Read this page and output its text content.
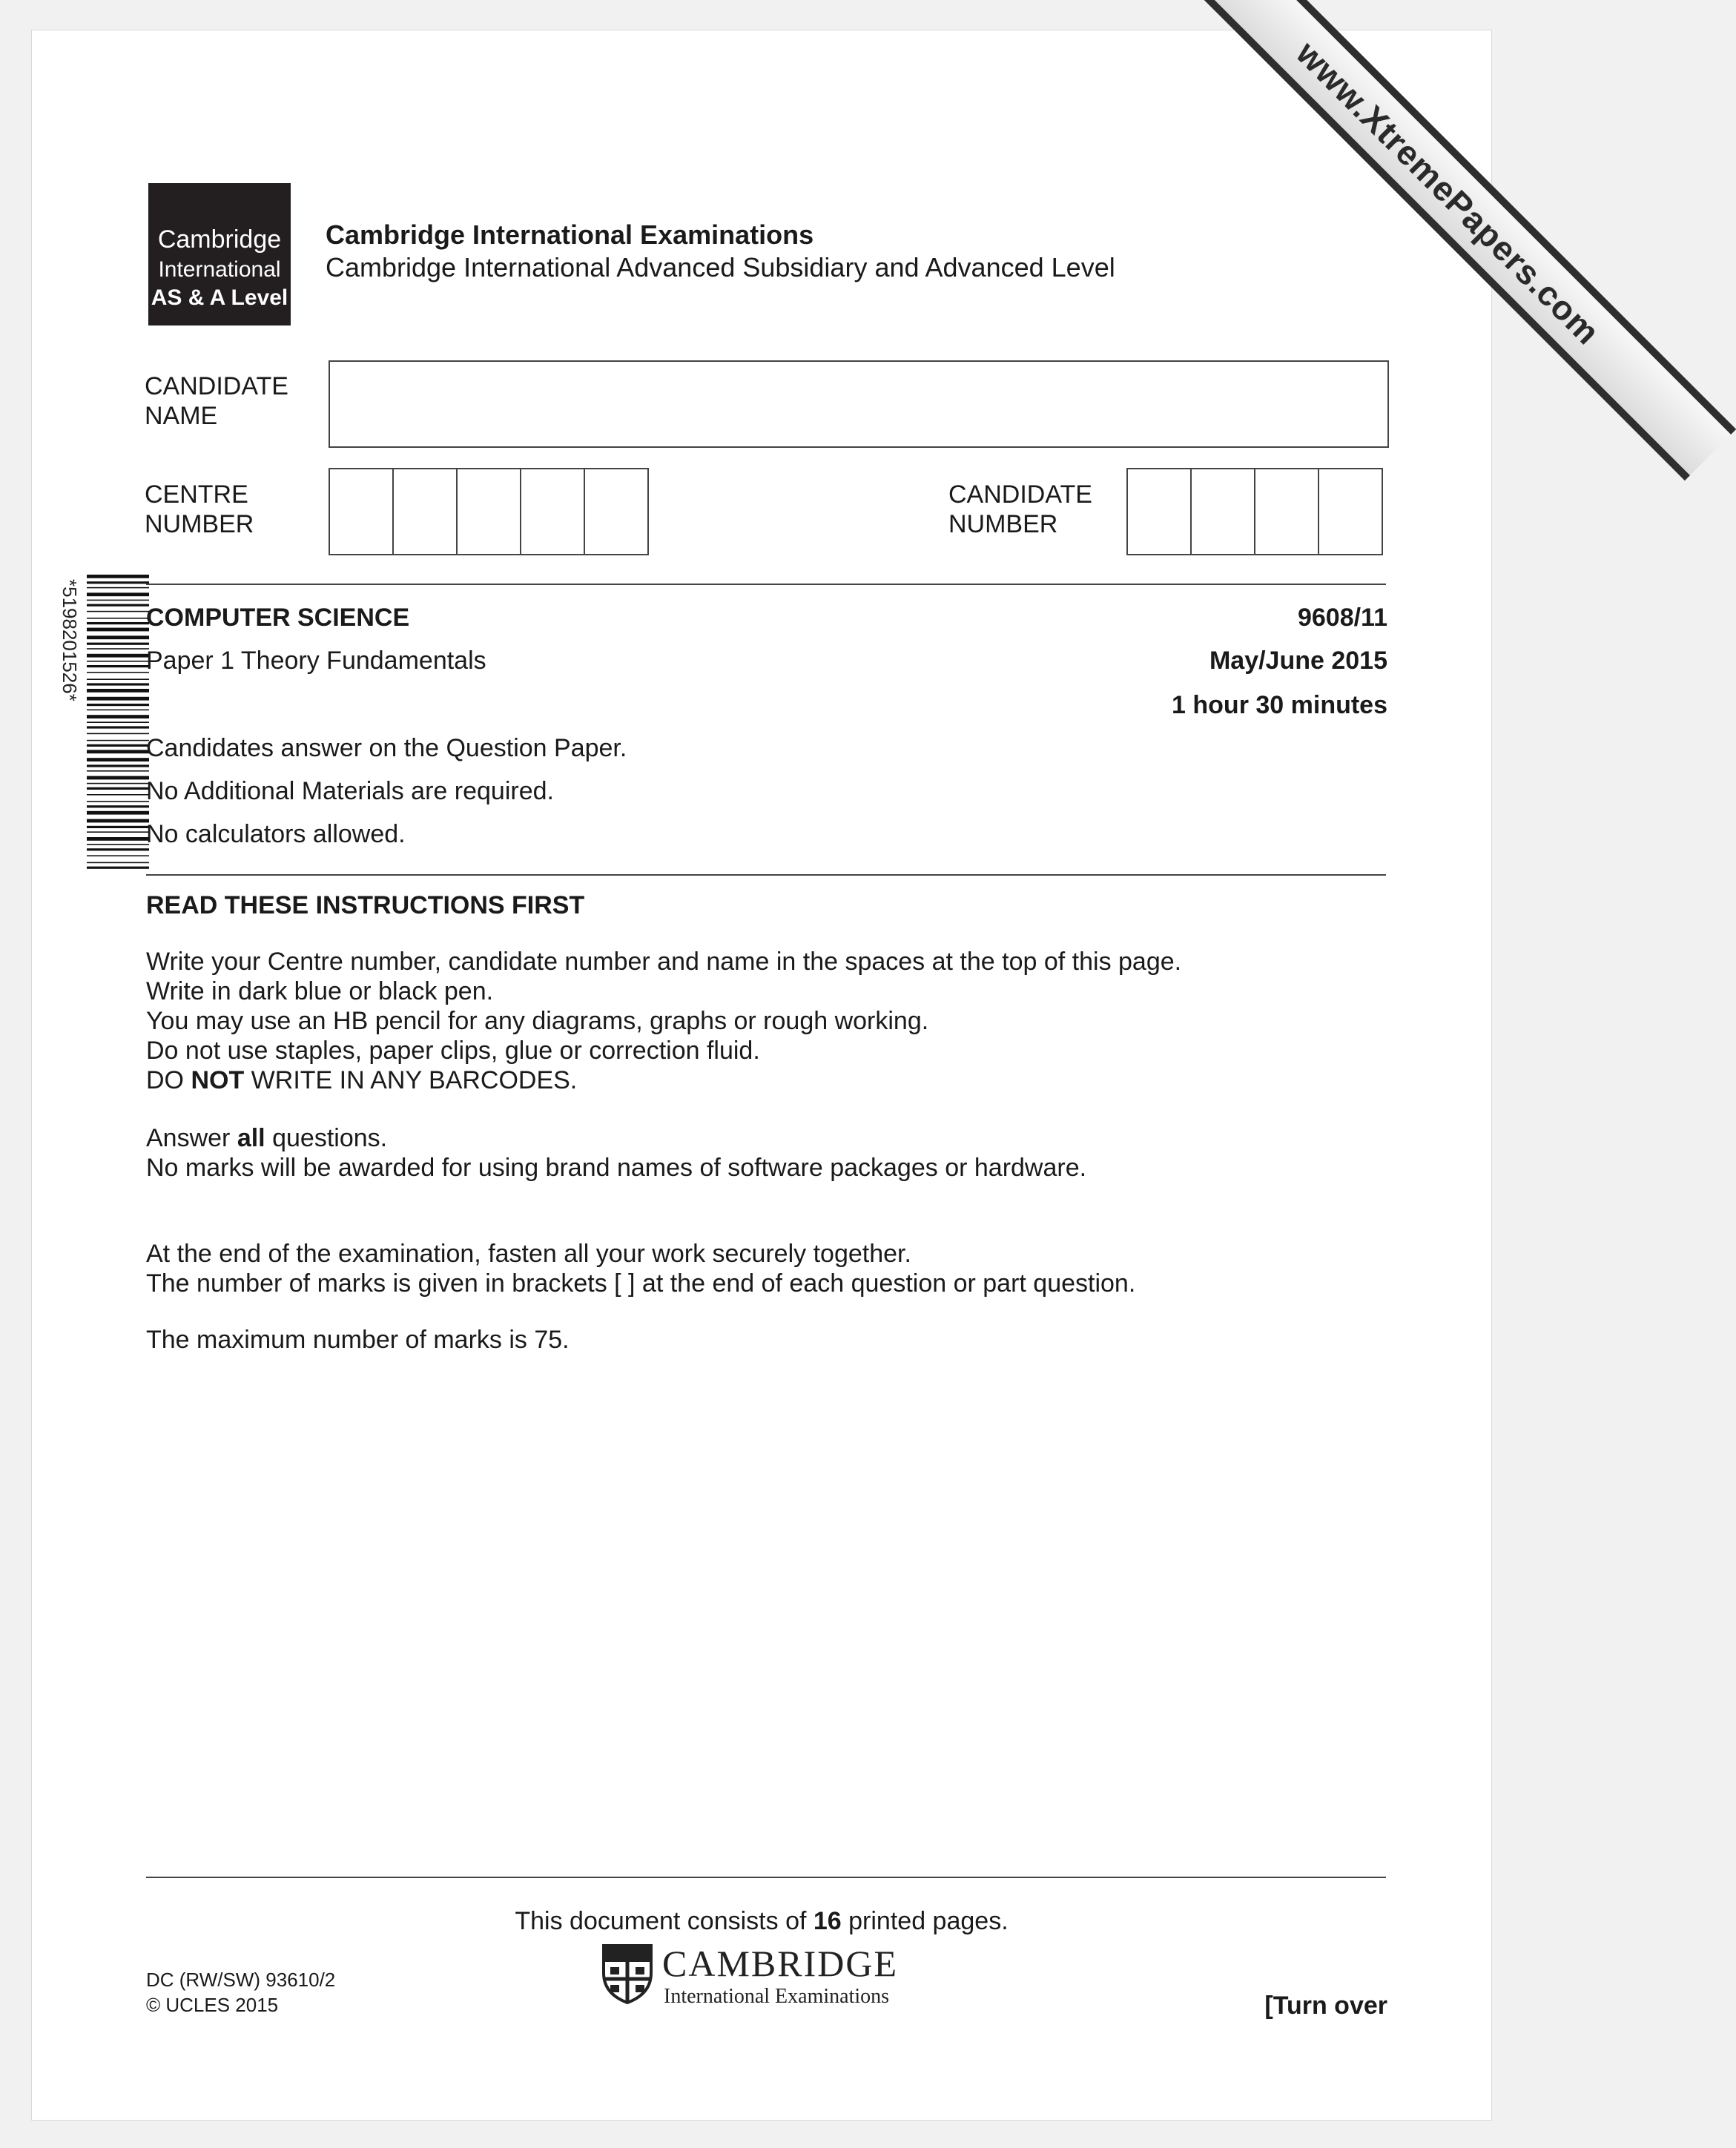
Cambridge
International
AS & A Level
Cambridge International Examinations
Cambridge International Advanced Subsidiary and Advanced Level
CANDIDATE
NAME
CENTRE
NUMBER
CANDIDATE
NUMBER
*5198201526*	COMPUTER SCIENCE	9608/11
Paper 1 Theory Fundamentals	May/June 2015
1 hour 30 minutes
Candidates answer on the Question Paper.
No Additional Materials are required.
No calculators allowed.
READ THESE INSTRUCTIONS FIRST

Write your Centre number, candidate number and name in the spaces at the top of this page.

Write in dark blue or black pen.

You may use an HB pencil for any diagrams, graphs or rough working.

Do not use staples, paper clips, glue or correction fluid.

DO NOT WRITE IN ANY BARCODES.

Answer all questions.

No marks will be awarded for using brand names of software packages or hardware.

At the end of the examination, fasten all your work securely together.

The number of marks is given in brackets [ ] at the end of each question or part question.

The maximum number of marks is 75.
This document consists of 16 printed pages.
DC (RW/SW) 93610/2
© UCLES 2015
CAMBRIDGE
International Examinations	[Turn over
www.XtremePapers.com
